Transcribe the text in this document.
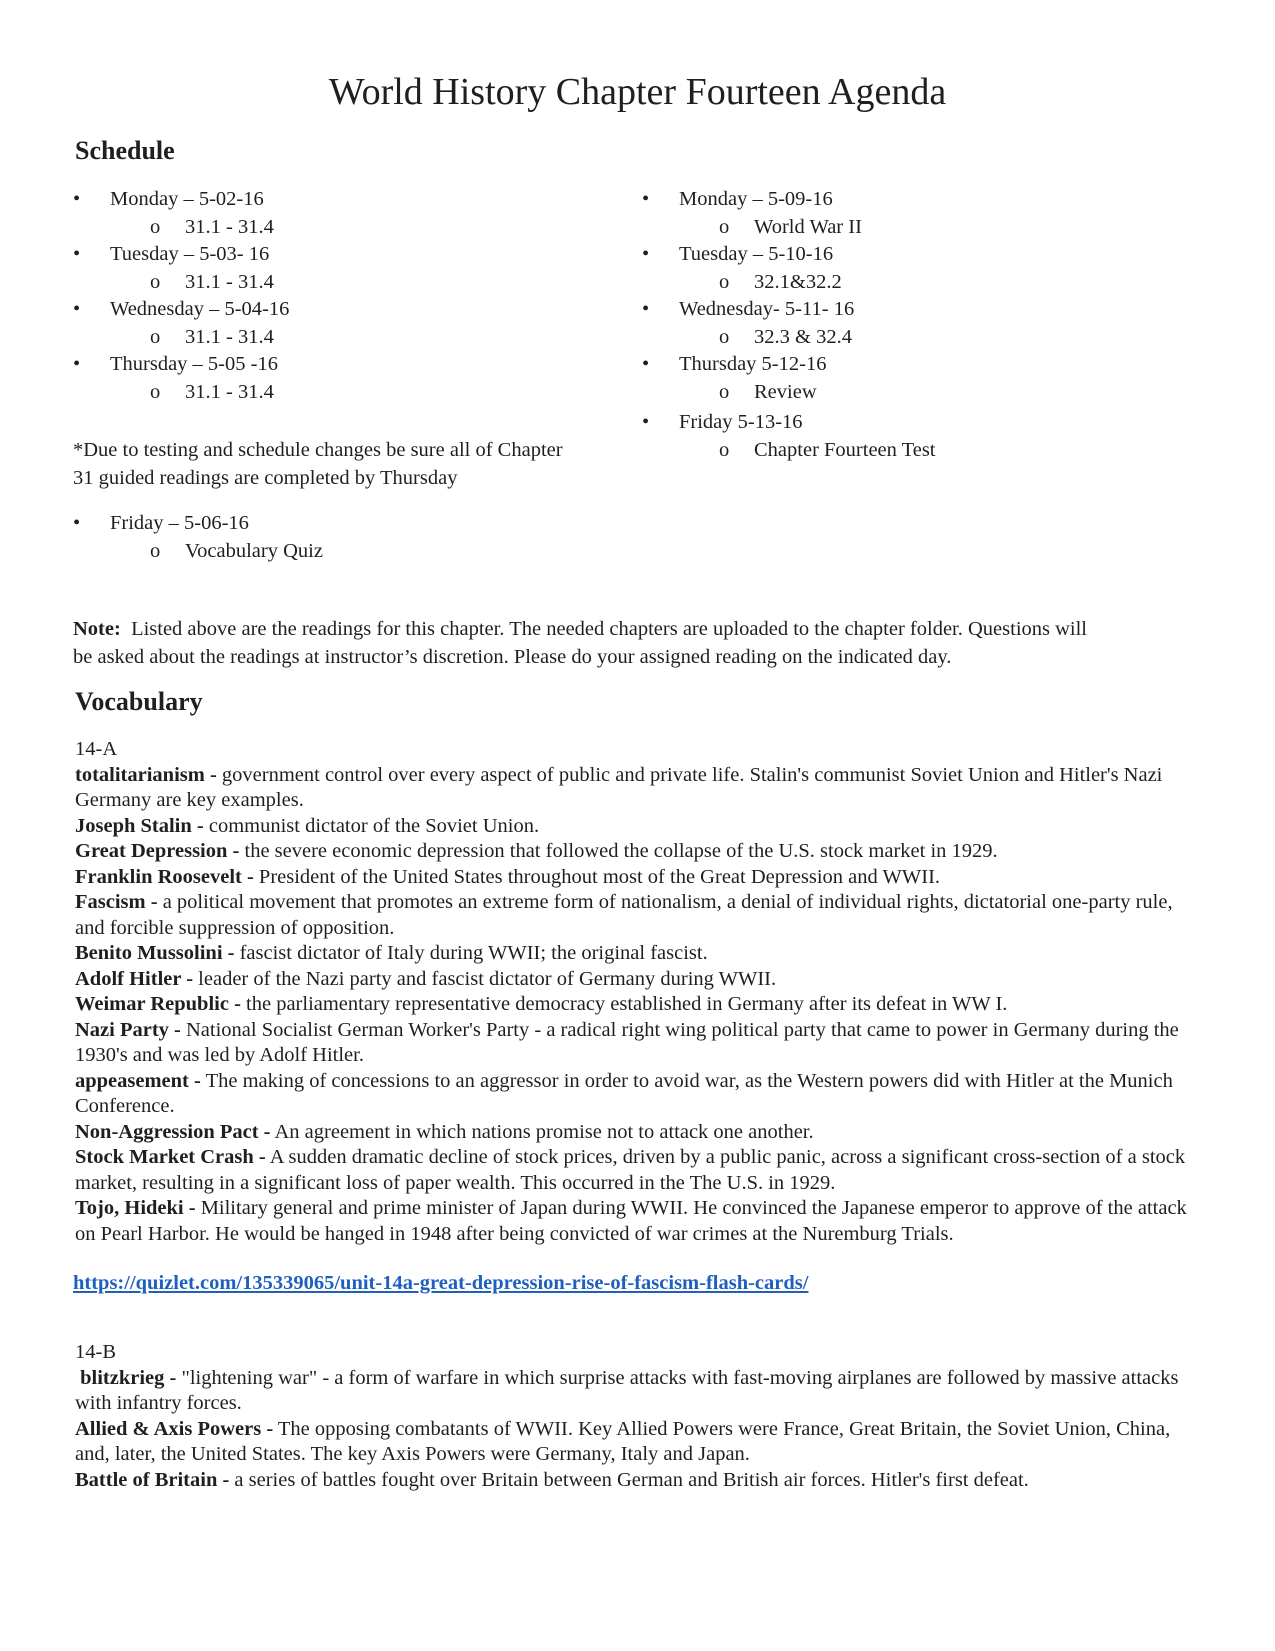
World History Chapter Fourteen Agenda
Schedule
• Monday – 5-02-16
o 31.1 - 31.4
• Tuesday – 5-03- 16
o 31.1 - 31.4
• Wednesday – 5-04-16
o 31.1 - 31.4
• Thursday – 5-05 -16
o 31.1 - 31.4
*Due to testing and schedule changes be sure all of Chapter
31 guided readings are completed by Thursday
• Friday – 5-06-16
o Vocabulary Quiz
• Monday – 5-09-16
o World War II
• Tuesday – 5-10-16
o 32.1&32.2
• Wednesday- 5-11- 16
o 32.3 & 32.4
• Thursday 5-12-16
o Review
• Friday 5-13-16
o Chapter Fourteen Test
Note: Listed above are the readings for this chapter. The needed chapters are uploaded to the chapter folder. Questions will
be asked about the readings at instructor’s discretion. Please do your assigned reading on the indicated day.
Vocabulary

14-A

totalitarianism - government control over every aspect of public and private life. Stalin's communist Soviet Union and Hitler's Nazi Germany are key examples.

Joseph Stalin - communist dictator of the Soviet Union.

Great Depression - the severe economic depression that followed the collapse of the U.S. stock market in 1929.

Franklin Roosevelt - President of the United States throughout most of the Great Depression and WWII.

Fascism - a political movement that promotes an extreme form of nationalism, a denial of individual rights, dictatorial one-party rule, and forcible suppression of opposition.

Benito Mussolini - fascist dictator of Italy during WWII; the original fascist.

Adolf Hitler - leader of the Nazi party and fascist dictator of Germany during WWII.

Weimar Republic - the parliamentary representative democracy established in Germany after its defeat in WW I.

Nazi Party - National Socialist German Worker's Party - a radical right wing political party that came to power in Germany during the 1930's and was led by Adolf Hitler.

appeasement - The making of concessions to an aggressor in order to avoid war, as the Western powers did with Hitler at the Munich Conference.

Non-Aggression Pact - An agreement in which nations promise not to attack one another.

Stock Market Crash - A sudden dramatic decline of stock prices, driven by a public panic, across a significant cross-section of a stock market, resulting in a significant loss of paper wealth. This occurred in the The U.S. in 1929.

Tojo, Hideki - Military general and prime minister of Japan during WWII. He convinced the Japanese emperor to approve of the attack on Pearl Harbor. He would be hanged in 1948 after being convicted of war crimes at the Nuremburg Trials.

https://quizlet.com/135339065/unit-14a-great-depression-rise-of-fascism-flash-cards/

14-B

blitzkrieg - "lightening war" - a form of warfare in which surprise attacks with fast-moving airplanes are followed by massive attacks with infantry forces.

Allied & Axis Powers - The opposing combatants of WWII. Key Allied Powers were France, Great Britain, the Soviet Union, China, and, later, the United States. The key Axis Powers were Germany, Italy and Japan.

Battle of Britain - a series of battles fought over Britain between German and British air forces. Hitler's first defeat.
